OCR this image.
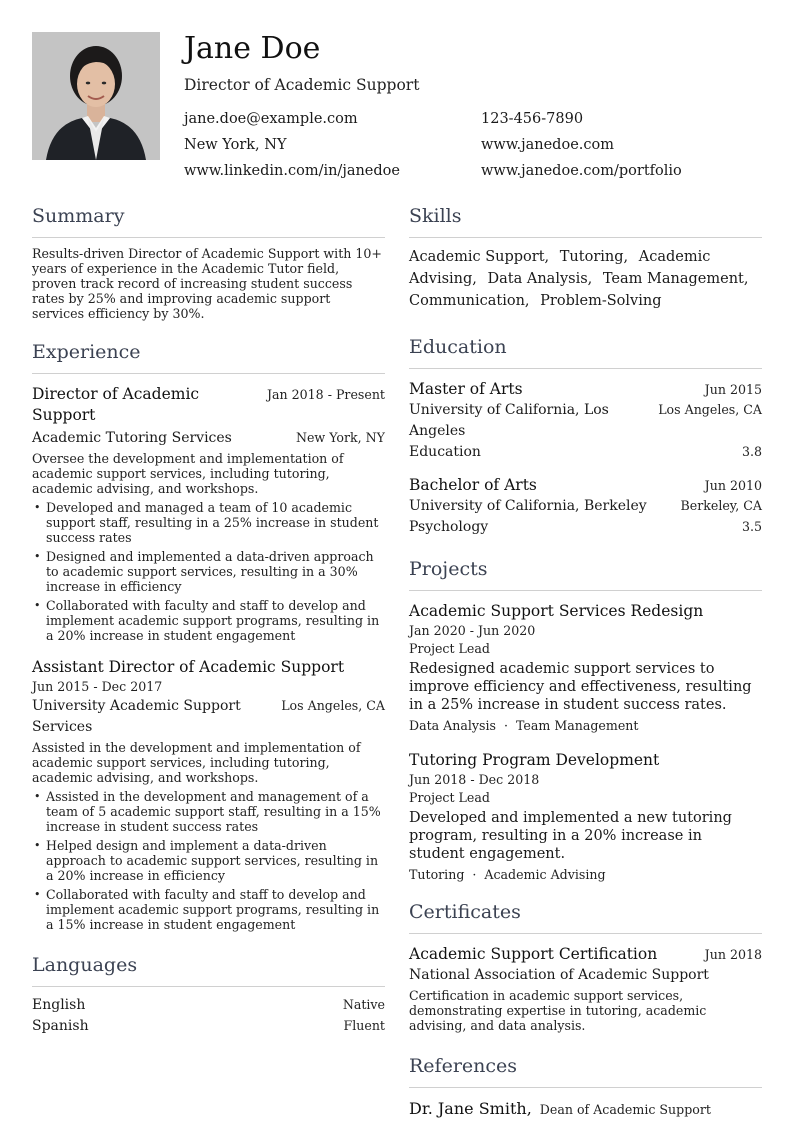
Jane Doe
Director of Academic Support
jane.doe@example.com	123-456-7890
New York, NY	www.janedoe.com
www.linkedin.com/in/janedoe	www.janedoe.com/portfolio
Summary
Results-driven Director of Academic Support with 10+ years of experience in the Academic Tutor field, proven track record of increasing student success rates by 25% and improving academic support services efficiency by 30%.
Experience
Director of Academic Support
Jan 2018 - Present
Academic Tutoring Services	New York, NY
Oversee the development and implementation of academic support services, including tutoring, academic advising, and workshops.
• Developed and managed a team of 10 academic support staff, resulting in a 25% increase in student success rates
• Designed and implemented a data-driven approach to academic support services, resulting in a 30% increase in efficiency
• Collaborated with faculty and staff to develop and implement academic support programs, resulting in a 20% increase in student engagement
Assistant Director of Academic Support
Jun 2015 - Dec 2017
University Academic Support Services
Los Angeles, CA
Assisted in the development and implementation of academic support services, including tutoring, academic advising, and workshops.
• Assisted in the development and management of a team of 5 academic support staff, resulting in a 15% increase in student success rates
• Helped design and implement a data-driven approach to academic support services, resulting in a 20% increase in efficiency
• Collaborated with faculty and staff to develop and implement academic support programs, resulting in a 15% increase in student engagement
Languages
English	Native
Spanish	Fluent
Skills
Academic Support, Tutoring, Academic Advising, Data Analysis, Team Management, Communication, Problem-Solving
Education
Master of Arts	Jun 2015
University of California, Los Angeles
Los Angeles, CA
Education	3.8
Bachelor of Arts	Jun 2010
University of California, Berkeley	Berkeley, CA
Psychology	3.5
Projects
Academic Support Services Redesign
Jan 2020 - Jun 2020
Project Lead
Redesigned academic support services to improve efficiency and effectiveness, resulting in a 25% increase in student success rates.
Data Analysis · Team Management
Tutoring Program Development
Jun 2018 - Dec 2018
Project Lead
Developed and implemented a new tutoring program, resulting in a 20% increase in student engagement.
Tutoring · Academic Advising
Certificates
Academic Support Certification	Jun 2018
National Association of Academic Support
Certification in academic support services, demonstrating expertise in tutoring, academic advising, and data analysis.
References
Dr. Jane Smith, Dean of Academic Support
